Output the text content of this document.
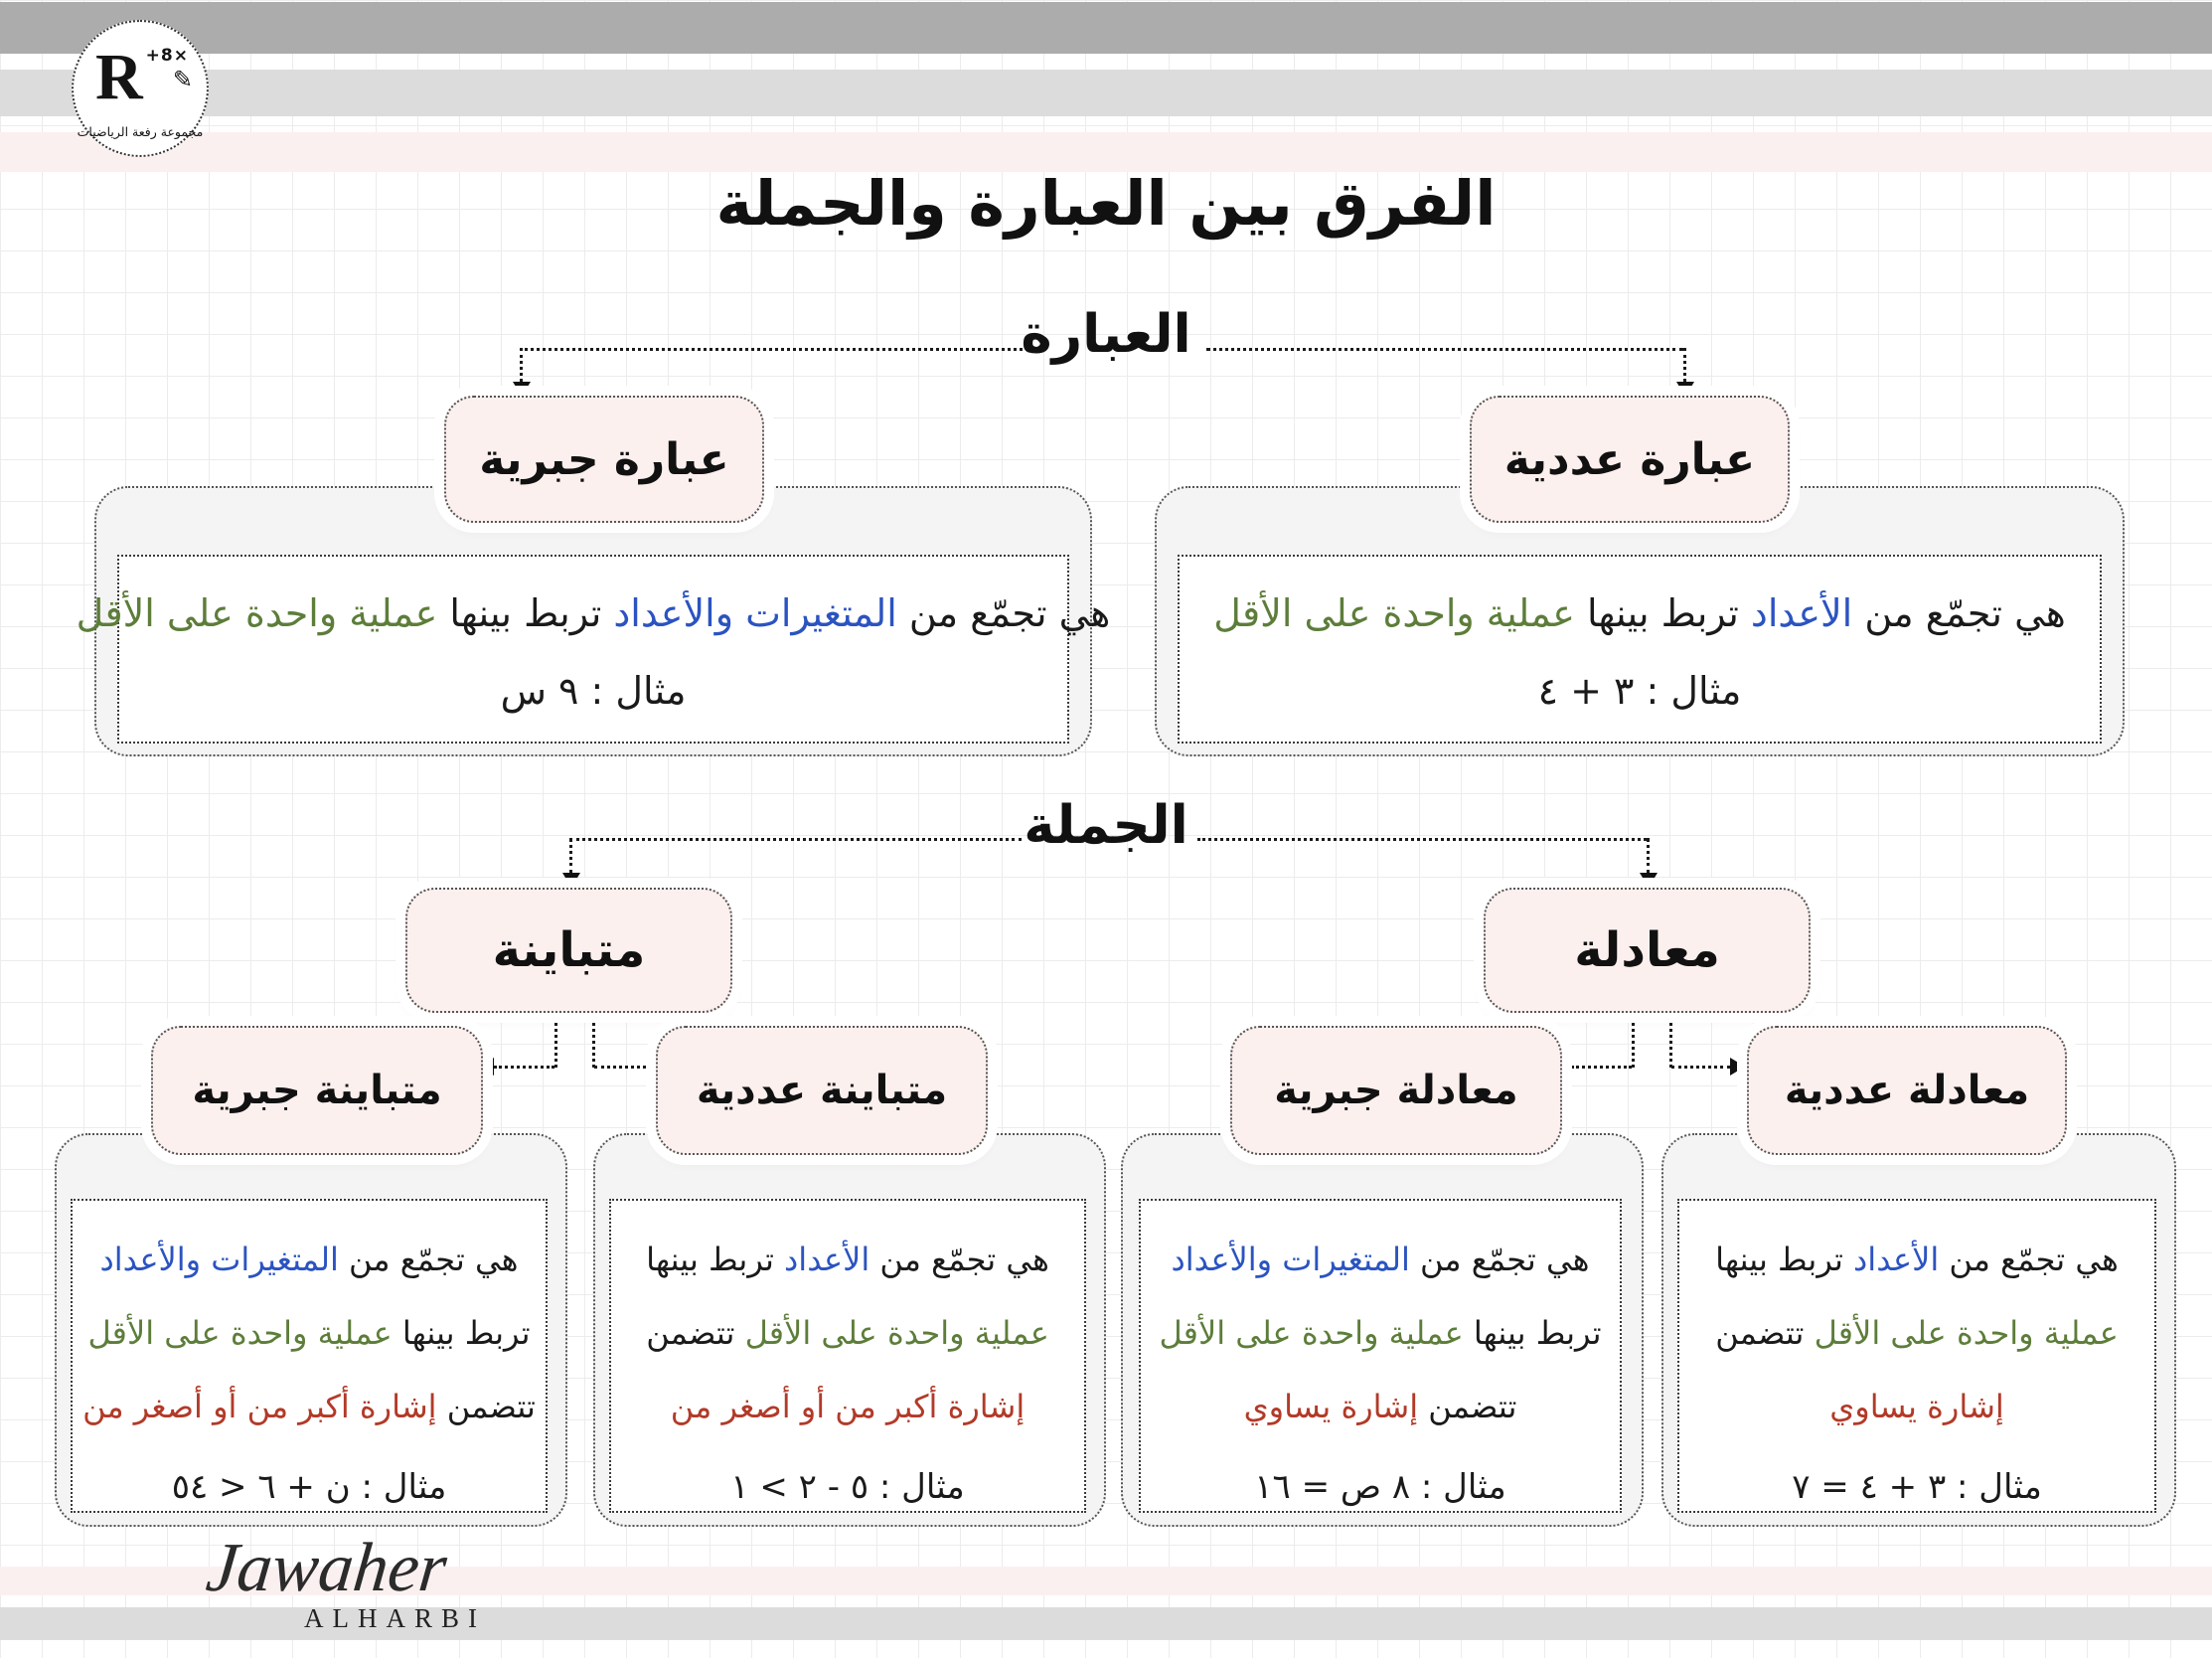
R +8×
✎
مجموعة رفعة الرياضيات
الفرق بين العبارة والجملة
العبارة
عبارة جبرية	عبارة عددية
هي تجمّع من المتغيرات والأعداد تربط بينها عملية واحدة على الأقل
مثال : ٩ س
هي تجمّع من الأعداد تربط بينها عملية واحدة على الأقل
مثال : ٣ + ٤
الجملة
متباينة	معادلة
متباينة جبرية	متباينة عددية	معادلة جبرية	معادلة عددية
هي تجمّع من المتغيرات والأعداد
تربط بينها عملية واحدة على الأقل
تتضمن إشارة أكبر من أو أصغر من
مثال : ن + ٦ < ٥٤
هي تجمّع من الأعداد تربط بينها
عملية واحدة على الأقل تتضمن
إشارة أكبر من أو أصغر من
مثال : ٥ - ٢ > ١
هي تجمّع من المتغيرات والأعداد
تربط بينها عملية واحدة على الأقل
تتضمن إشارة يساوي
مثال : ٨ ص = ١٦
هي تجمّع من الأعداد تربط بينها
عملية واحدة على الأقل تتضمن
إشارة يساوي
مثال : ٣ + ٤ = ٧
Jawaher
ALHARBI
